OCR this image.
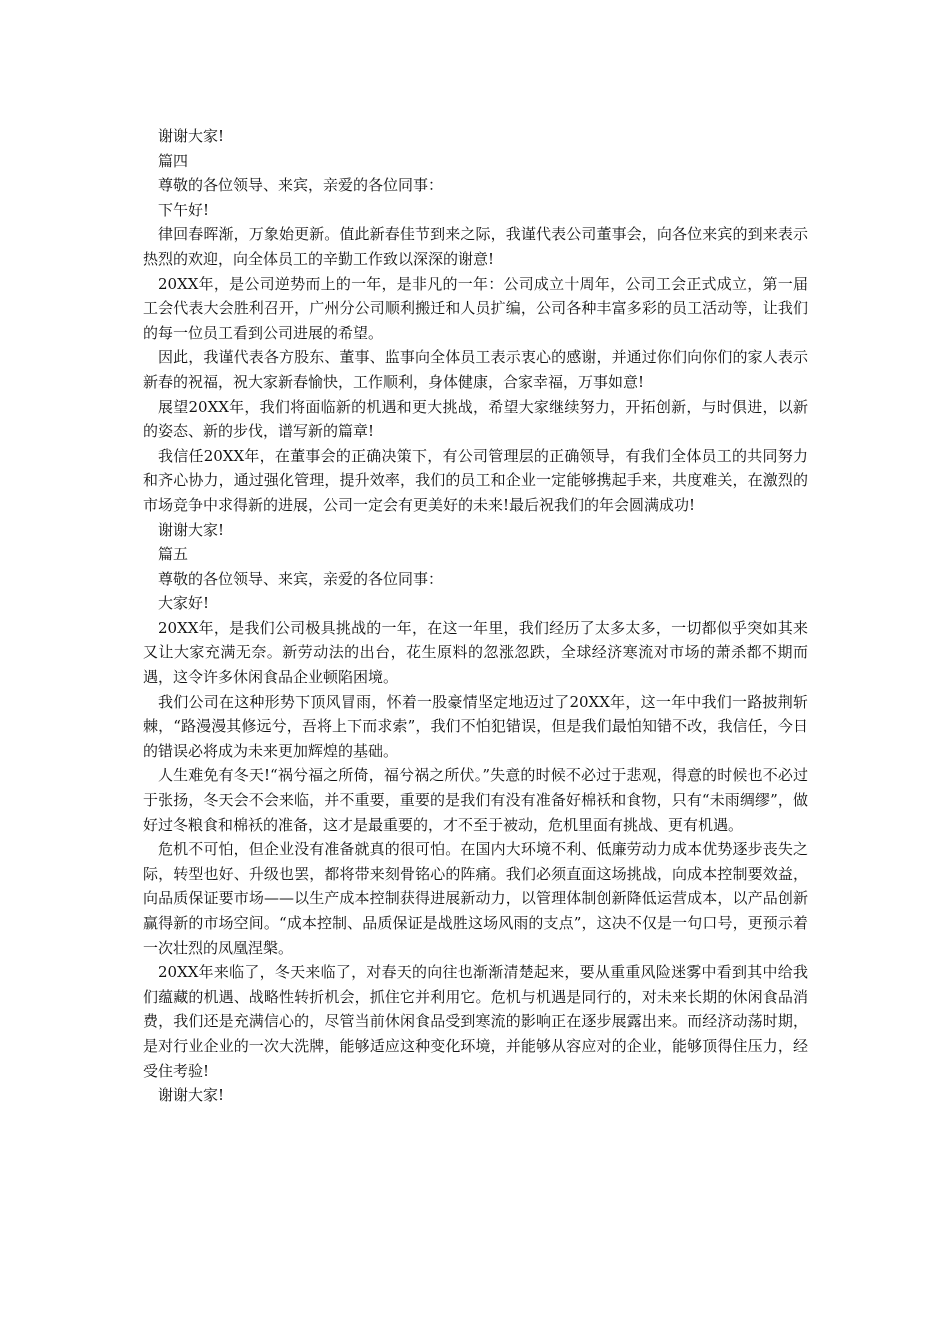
谢谢大家!

篇四

尊敬的各位领导、来宾，亲爱的各位同事：

下午好!

律回春晖渐，万象始更新。值此新春佳节到来之际，我谨代表公司董事会，向各位来宾的到来表示热烈的欢迎，向全体员工的辛勤工作致以深深的谢意!

20XX年，是公司逆势而上的一年，是非凡的一年：公司成立十周年，公司工会正式成立，第一届工会代表大会胜利召开，广州分公司顺利搬迁和人员扩编，公司各种丰富多彩的员工活动等，让我们的每一位员工看到公司进展的希望。

因此，我谨代表各方股东、董事、监事向全体员工表示衷心的感谢，并通过你们向你们的家人表示新春的祝福，祝大家新春愉快，工作顺利，身体健康，合家幸福，万事如意!

展望20XX年，我们将面临新的机遇和更大挑战，希望大家继续努力，开拓创新，与时俱进，以新的姿态、新的步伐，谱写新的篇章!

我信任20XX年，在董事会的正确决策下，有公司管理层的正确领导，有我们全体员工的共同努力和齐心协力，通过强化管理，提升效率，我们的员工和企业一定能够携起手来，共度难关，在激烈的市场竞争中求得新的进展，公司一定会有更美好的未来!最后祝我们的年会圆满成功!

谢谢大家!

篇五

尊敬的各位领导、来宾，亲爱的各位同事：

大家好!

20XX年，是我们公司极具挑战的一年，在这一年里，我们经历了太多太多，一切都似乎突如其来又让大家充满无奈。新劳动法的出台，花生原料的忽涨忽跌，全球经济寒流对市场的萧杀都不期而遇，这令许多休闲食品企业顿陷困境。

我们公司在这种形势下顶风冒雨，怀着一股豪情坚定地迈过了20XX年，这一年中我们一路披荆斩棘，“路漫漫其修远兮，吾将上下而求索”，我们不怕犯错误，但是我们最怕知错不改，我信任，今日的错误必将成为未来更加辉煌的基础。

人生难免有冬天!“祸兮福之所倚，福兮祸之所伏。”失意的时候不必过于悲观，得意的时候也不必过于张扬，冬天会不会来临，并不重要，重要的是我们有没有准备好棉袄和食物，只有“未雨绸缪”，做好过冬粮食和棉袄的准备，这才是最重要的，才不至于被动，危机里面有挑战、更有机遇。

危机不可怕，但企业没有准备就真的很可怕。在国内大环境不利、低廉劳动力成本优势逐步丧失之际，转型也好、升级也罢，都将带来刻骨铭心的阵痛。我们必须直面这场挑战，向成本控制要效益，向品质保证要市场——以生产成本控制获得进展新动力，以管理体制创新降低运营成本，以产品创新赢得新的市场空间。“成本控制、品质保证是战胜这场风雨的支点”，这决不仅是一句口号，更预示着一次壮烈的凤凰涅槃。

20XX年来临了，冬天来临了，对春天的向往也渐渐清楚起来，要从重重风险迷雾中看到其中给我们蕴藏的机遇、战略性转折机会，抓住它并利用它。危机与机遇是同行的，对未来长期的休闲食品消费，我们还是充满信心的，尽管当前休闲食品受到寒流的影响正在逐步展露出来。而经济动荡时期，是对行业企业的一次大洗牌，能够适应这种变化环境，并能够从容应对的企业，能够顶得住压力，经受住考验!

谢谢大家!
